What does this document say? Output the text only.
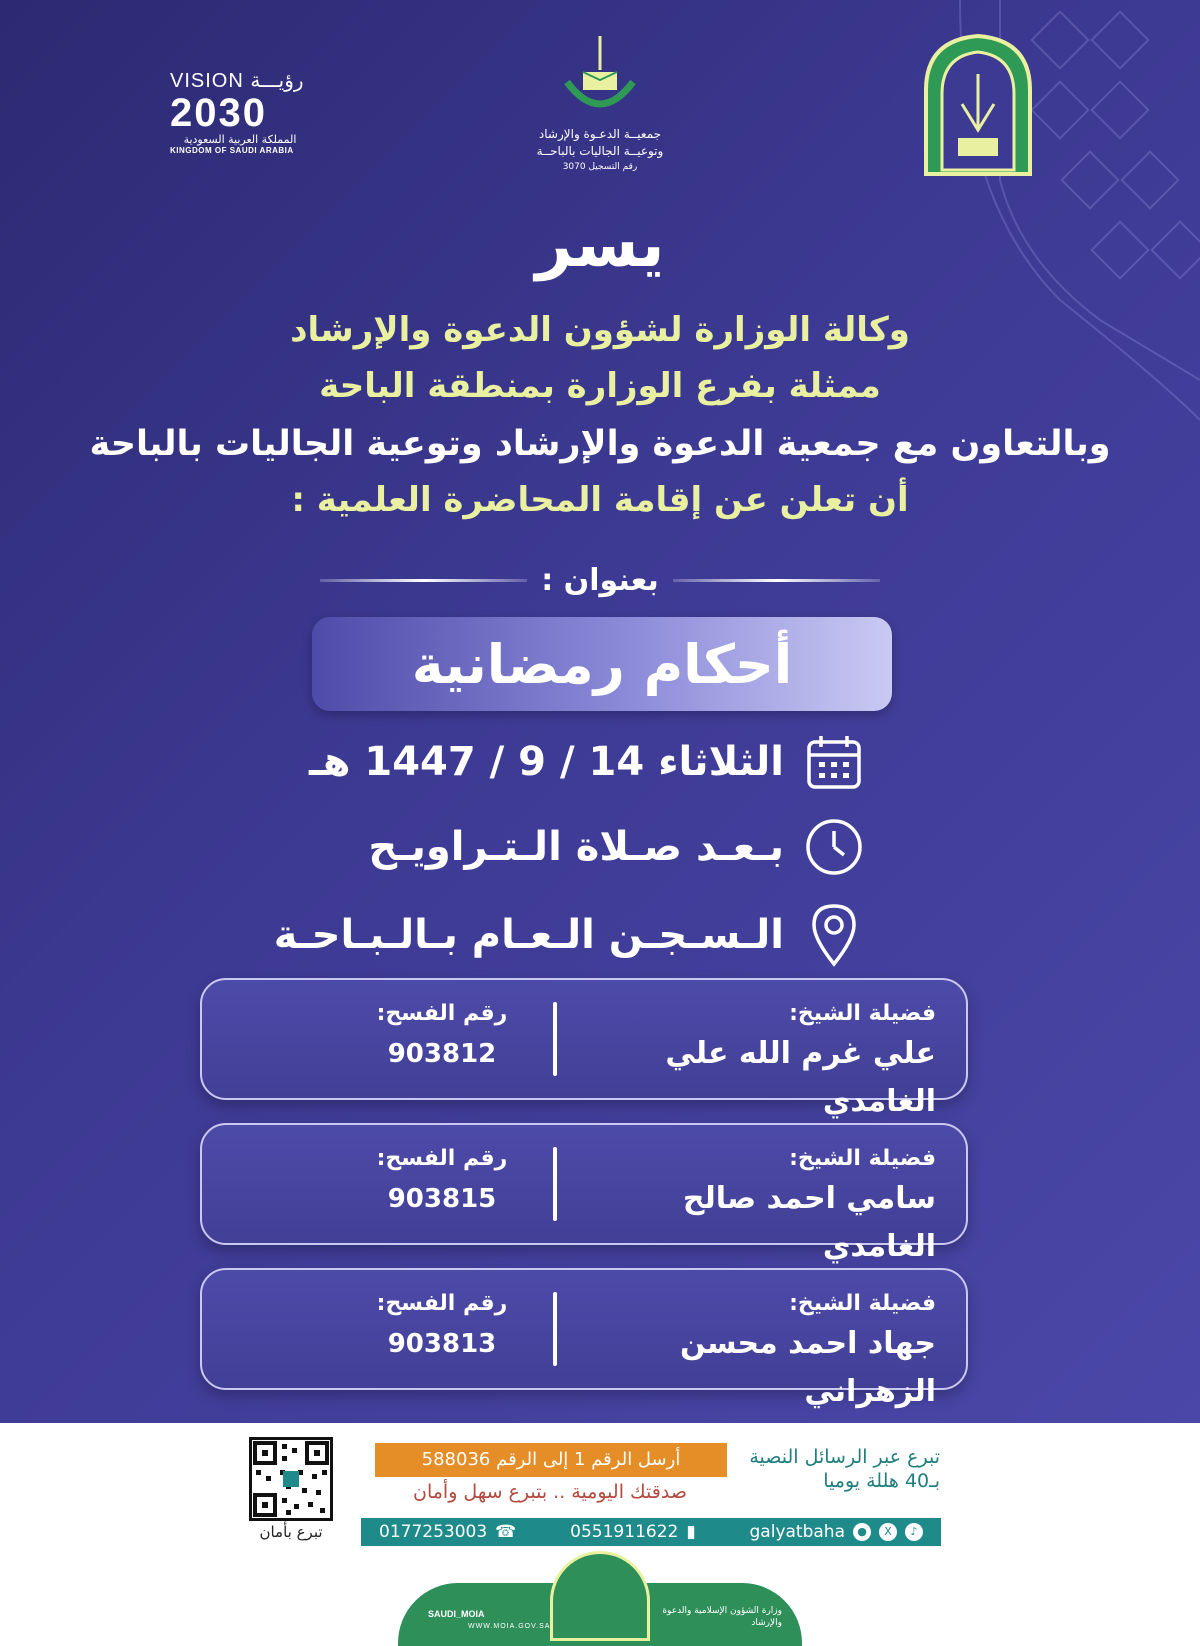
VISION رؤيـــة
2030
المملكة العربية السعودية
KINGDOM OF SAUDI ARABIA
جمعيــة الدعـوة والإرشاد
وتوعيــة الجاليات بالباحــة
رقم التسجيل 3070
يسر
وكالة الوزارة لشؤون الدعوة والإرشاد
ممثلة بفرع الوزارة بمنطقة الباحة
وبالتعاون مع جمعية الدعوة والإرشاد وتوعية الجاليات بالباحة
أن تعلن عن إقامة المحاضرة العلمية :
بعنوان :
أحكام رمضانية
الثلاثاء 14 / 9 / 1447 هـ
بـعـد صـلاة الـتـراويـح
الـسـجـن الـعـام بـالـبـاحـة
فضيلة الشيخ:
علي غرم الله علي الغامدي
رقم الفسح:
903812
فضيلة الشيخ:
سامي احمد صالح الغامدي
رقم الفسح:
903815
فضيلة الشيخ:
جهاد احمد محسن الزهراني
رقم الفسح:
903813
تبرع بأمان
تبرع عبر الرسائل النصية
بـ40 هللة يوميا
أرسل الرقم 1 إلى الرقم 588036
صدقتك اليومية .. بتبرع سهل وأمان
galyatbaha	●	X	♪
0551911622 ▮
0177253003 ☎
SAUDI_MOIA
WWW.MOIA.GOV.SA
وزارة الشؤون الإسلامية والدعوة والإرشاد
